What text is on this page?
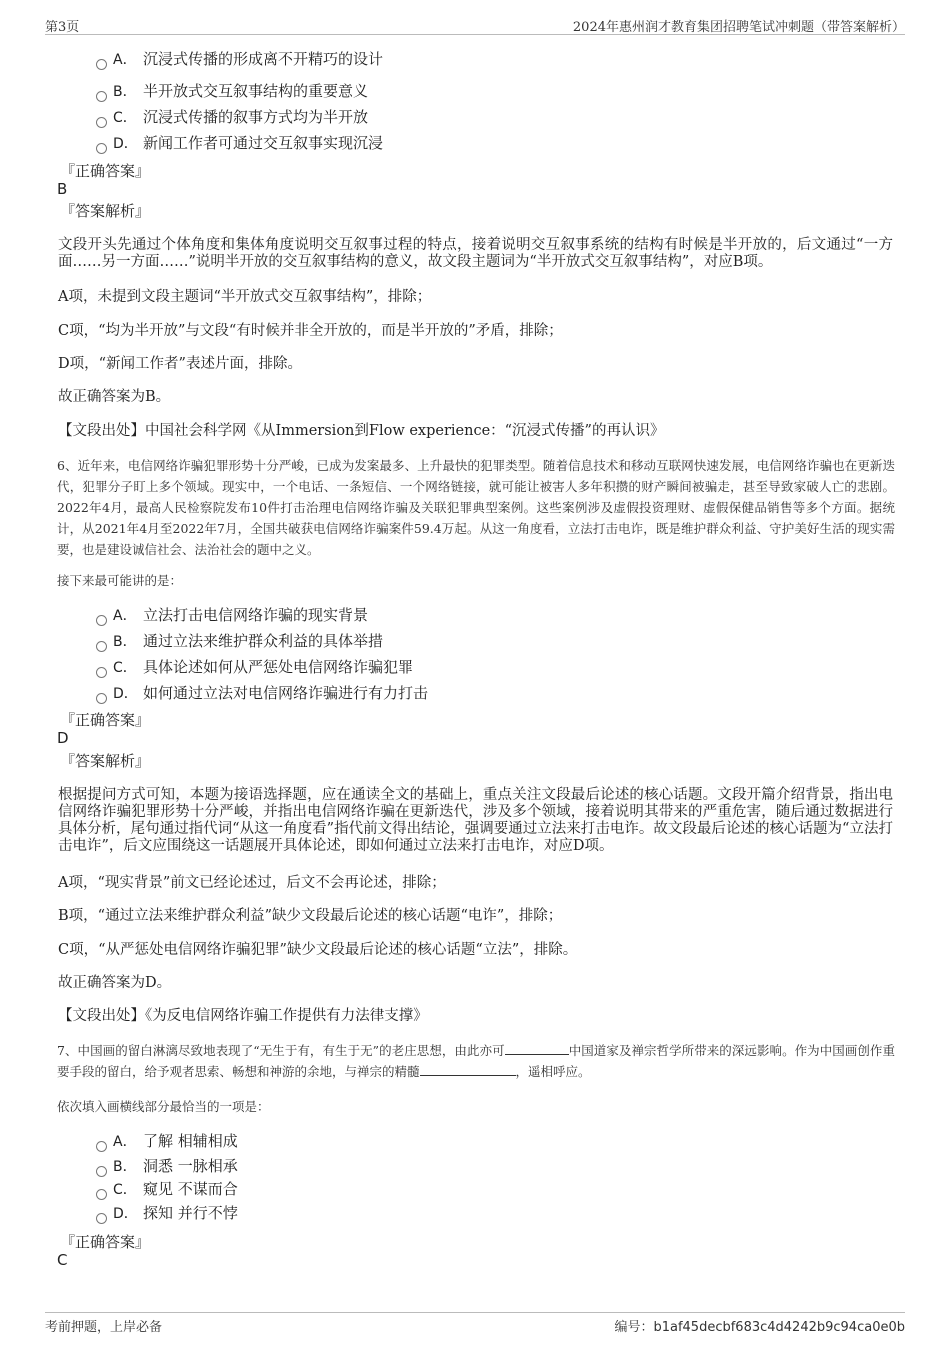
第3页	2024年惠州润才教育集团招聘笔试冲刺题（带答案解析）
A． 沉浸式传播的形成离不开精巧的设计
B． 半开放式交互叙事结构的重要意义
C． 沉浸式传播的叙事方式均为半开放
D． 新闻工作者可通过交互叙事实现沉浸
『正确答案』
B
『答案解析』
文段开头先通过个体角度和集体角度说明交互叙事过程的特点，接着说明交互叙事系统的结构有时候是半开放的，后文通过“一方面……另一方面……”说明半开放的交互叙事结构的意义，故文段主题词为“半开放式交互叙事结构”，对应B项。
A项，未提到文段主题词“半开放式交互叙事结构”，排除；
C项，“均为半开放”与文段“有时候并非全开放的，而是半开放的”矛盾，排除；
D项，“新闻工作者”表述片面，排除。
故正确答案为B。
【文段出处】中国社会科学网《从Immersion到Flow experience：“沉浸式传播”的再认识》
6、近年来，电信网络诈骗犯罪形势十分严峻，已成为发案最多、上升最快的犯罪类型。随着信息技术和移动互联网快速发展，电信网络诈骗也在更新迭代，犯罪分子盯上多个领域。现实中，一个电话、一条短信、一个网络链接，就可能让被害人多年积攒的财产瞬间被骗走，甚至导致家破人亡的悲剧。2022年4月，最高人民检察院发布10件打击治理电信网络诈骗及关联犯罪典型案例。这些案例涉及虚假投资理财、虚假保健品销售等多个方面。据统计，从2021年4月至2022年7月，全国共破获电信网络诈骗案件59.4万起。从这一角度看，立法打击电诈，既是维护群众利益、守护美好生活的现实需要，也是建设诚信社会、法治社会的题中之义。
接下来最可能讲的是：
A． 立法打击电信网络诈骗的现实背景
B． 通过立法来维护群众利益的具体举措
C． 具体论述如何从严惩处电信网络诈骗犯罪
D． 如何通过立法对电信网络诈骗进行有力打击
『正确答案』
D
『答案解析』
根据提问方式可知，本题为接语选择题，应在通读全文的基础上，重点关注文段最后论述的核心话题。文段开篇介绍背景，指出电信网络诈骗犯罪形势十分严峻，并指出电信网络诈骗在更新迭代，涉及多个领域，接着说明其带来的严重危害，随后通过数据进行具体分析，尾句通过指代词“从这一角度看”指代前文得出结论，强调要通过立法来打击电诈。故文段最后论述的核心话题为“立法打击电诈”，后文应围绕这一话题展开具体论述，即如何通过立法来打击电诈，对应D项。
A项，“现实背景”前文已经论述过，后文不会再论述，排除；
B项，“通过立法来维护群众利益”缺少文段最后论述的核心话题“电诈”，排除；
C项，“从严惩处电信网络诈骗犯罪”缺少文段最后论述的核心话题“立法”，排除。
故正确答案为D。
【文段出处】《为反电信网络诈骗工作提供有力法律支撑》
7、中国画的留白淋漓尽致地表现了“无生于有，有生于无”的老庄思想，由此亦可	中国道家及禅宗哲学所带来的深远影响。作为中国画创作重要手段的留白，给予观者思索、畅想和神游的余地，与禅宗的精髓	，遥相呼应。
依次填入画横线部分最恰当的一项是：
A． 了解 相辅相成
B． 洞悉 一脉相承
C． 窥见 不谋而合
D． 探知 并行不悖
『正确答案』
C
考前押题，上岸必备	编号：b1af45decbf683c4d4242b9c94ca0e0b
